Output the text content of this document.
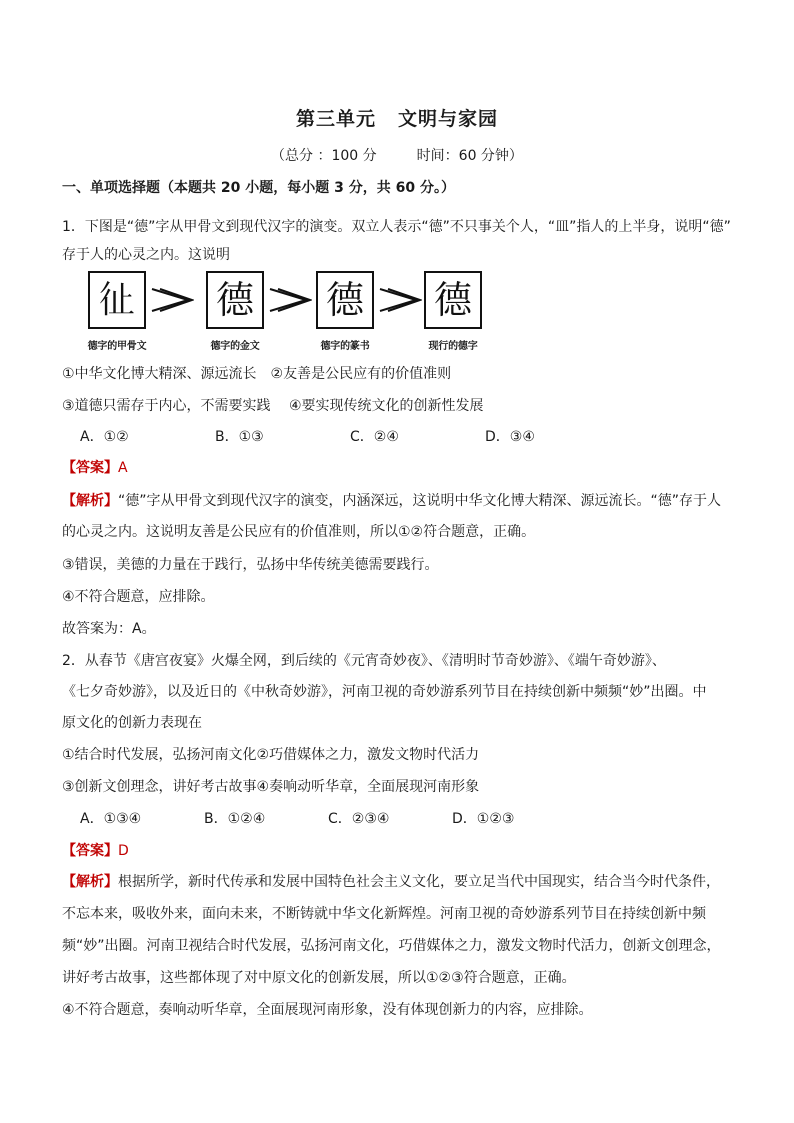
第三单元 文明与家园
（总分 ：100 分	时间：60 分钟）
一、单项选择题（本题共 20 小题，每小题 3 分，共 60 分。）
1．下图是“德”字从甲骨文到现代汉字的演变。双立人表示“德”不只事关个人，“皿”指人的上半身，说明“德”
存于人的心灵之内。这说明
𢓊 德 德 德
德字的甲骨文	德字的金文	德字的篆书	现行的德字
①中华文化博大精深、源远流长　②友善是公民应有的价值准则
③道德只需存于内心，不需要实践　 ④要实现传统文化的创新性发展
A．①②	B．①③	C．②④	D．③④
【答案】A
【解析】“德”字从甲骨文到现代汉字的演变，内涵深远，这说明中华文化博大精深、源远流长。“德”存于人
的心灵之内。这说明友善是公民应有的价值准则，所以①②符合题意，正确。
③错误，美德的力量在于践行，弘扬中华传统美德需要践行。
④不符合题意，应排除。
故答案为：A。
2．从春节《唐宫夜宴》火爆全网，到后续的《元宵奇妙夜》、《清明时节奇妙游》、《端午奇妙游》、
《七夕奇妙游》，以及近日的《中秋奇妙游》，河南卫视的奇妙游系列节目在持续创新中频频“妙”出圈。中
原文化的创新力表现在
①结合时代发展，弘扬河南文化②巧借媒体之力，激发文物时代活力
③创新文创理念，讲好考古故事④奏响动听华章，全面展现河南形象
A．①③④	B．①②④	C．②③④	D．①②③
【答案】D
【解析】根据所学，新时代传承和发展中国特色社会主义文化，要立足当代中国现实，结合当今时代条件，
不忘本来，吸收外来，面向未来，不断铸就中华文化新辉煌。河南卫视的奇妙游系列节目在持续创新中频
频“妙”出圈。河南卫视结合时代发展，弘扬河南文化，巧借媒体之力，激发文物时代活力，创新文创理念，
讲好考古故事，这些都体现了对中原文化的创新发展，所以①②③符合题意，正确。
④不符合题意，奏响动听华章，全面展现河南形象，没有体现创新力的内容，应排除。
